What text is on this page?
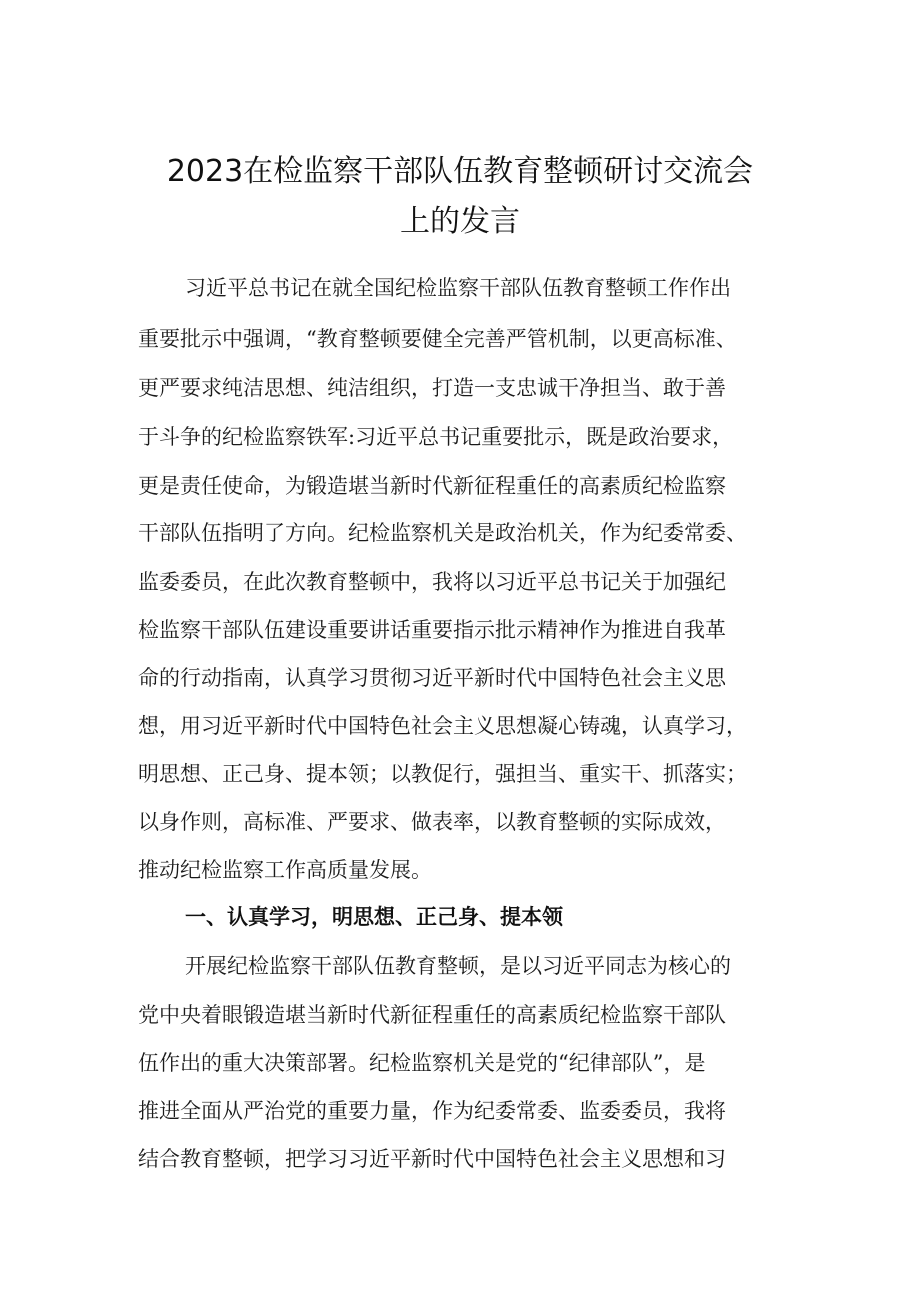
2023在检监察干部队伍教育整顿研讨交流会
上的发言

习近平总书记在就全国纪检监察干部队伍教育整顿工作作出

重要批示中强调，“教育整顿要健全完善严管机制，以更高标准、

更严要求纯洁思想、纯洁组织，打造一支忠诚干净担当、敢于善

于斗争的纪检监察铁军:习近平总书记重要批示，既是政治要求，

更是责任使命，为锻造堪当新时代新征程重任的高素质纪检监察

干部队伍指明了方向。纪检监察机关是政治机关，作为纪委常委、

监委委员，在此次教育整顿中，我将以习近平总书记关于加强纪

检监察干部队伍建设重要讲话重要指示批示精神作为推进自我革

命的行动指南，认真学习贯彻习近平新时代中国特色社会主义思

想，用习近平新时代中国特色社会主义思想凝心铸魂，认真学习，

明思想、正己身、提本领；以教促行，强担当、重实干、抓落实；

以身作则，高标准、严要求、做表率，以教育整顿的实际成效，

推动纪检监察工作高质量发展。

一、认真学习，明思想、正己身、提本领

开展纪检监察干部队伍教育整顿，是以习近平同志为核心的

党中央着眼锻造堪当新时代新征程重任的高素质纪检监察干部队

伍作出的重大决策部署。纪检监察机关是党的“纪律部队”，是

推进全面从严治党的重要力量，作为纪委常委、监委委员，我将

结合教育整顿，把学习习近平新时代中国特色社会主义思想和习
